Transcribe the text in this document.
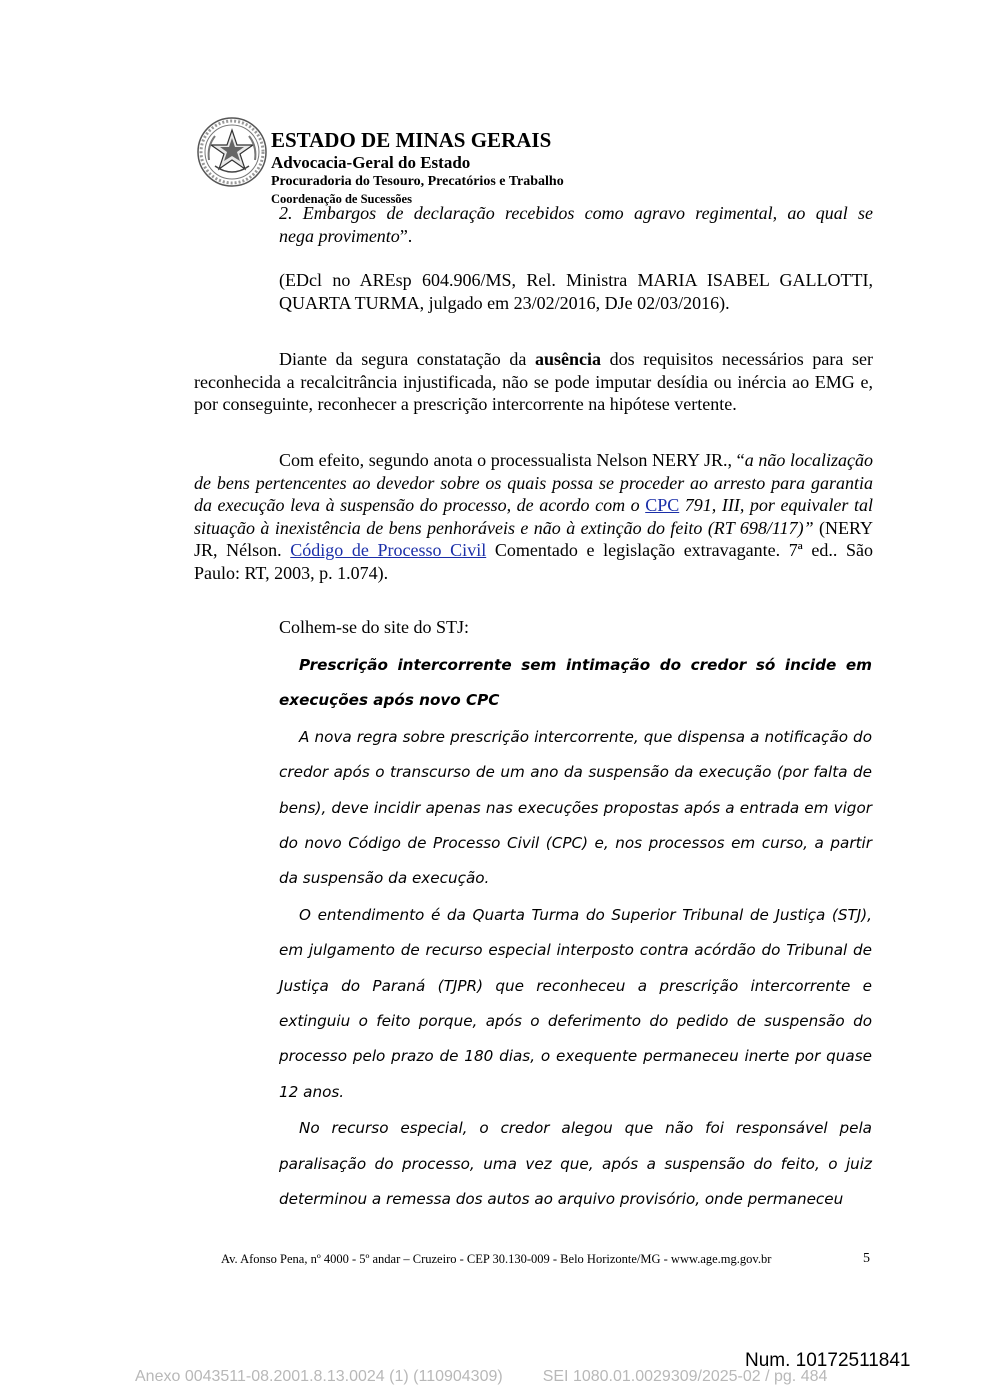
ESTADO DE MINAS GERAIS
Advocacia-Geral do Estado
Procuradoria do Tesouro, Precatórios e Trabalho
Coordenação de Sucessões
2. Embargos de declaração recebidos como agravo regimental, ao qual se
nega provimento”.
(EDcl no AREsp 604.906/MS, Rel. Ministra MARIA ISABEL GALLOTTI,
QUARTA TURMA, julgado em 23/02/2016, DJe 02/03/2016).
Diante da segura constatação da ausência dos requisitos necessários para ser reconhecida a recalcitrância injustificada, não se pode imputar desídia ou inércia ao EMG e, por conseguinte, reconhecer a prescrição intercorrente na hipótese vertente.
Com efeito, segundo anota o processualista Nelson NERY JR., “a não localização de bens pertencentes ao devedor sobre os quais possa se proceder ao arresto para garantia da execução leva à suspensão do processo, de acordo com o CPC 791, III, por equivaler tal situação à inexistência de bens penhoráveis e não à extinção do feito (RT 698/117)” (NERY JR, Nélson. Código de Processo Civil Comentado e legislação extravagante. 7ª ed.. São Paulo: RT, 2003, p. 1.074).
Colhem-se do site do STJ:

Prescrição intercorrente sem intimação do credor só incide em execuções após novo CPC

A nova regra sobre prescrição intercorrente, que dispensa a notificação do credor após o transcurso de um ano da suspensão da execução (por falta de bens), deve incidir apenas nas execuções propostas após a entrada em vigor do novo Código de Processo Civil (CPC) e, nos processos em curso, a partir da suspensão da execução.

O entendimento é da Quarta Turma do Superior Tribunal de Justiça (STJ), em julgamento de recurso especial interposto contra acórdão do Tribunal de Justiça do Paraná (TJPR) que reconheceu a prescrição intercorrente e extinguiu o feito porque, após o deferimento do pedido de suspensão do processo pelo prazo de 180 dias, o exequente permaneceu inerte por quase 12 anos.

No recurso especial, o credor alegou que não foi responsável pela paralisação do processo, uma vez que, após a suspensão do feito, o juiz determinou a remessa dos autos ao arquivo provisório, onde permaneceu

Av. Afonso Pena, nº 4000 - 5º andar – Cruzeiro - CEP 30.130-009 - Belo Horizonte/MG - www.age.mg.gov.br	5
Num. 10172511841
Anexo 0043511-08.2001.8.13.0024 (1) (110904309)	SEI 1080.01.0029309/2025-02 / pg. 484
